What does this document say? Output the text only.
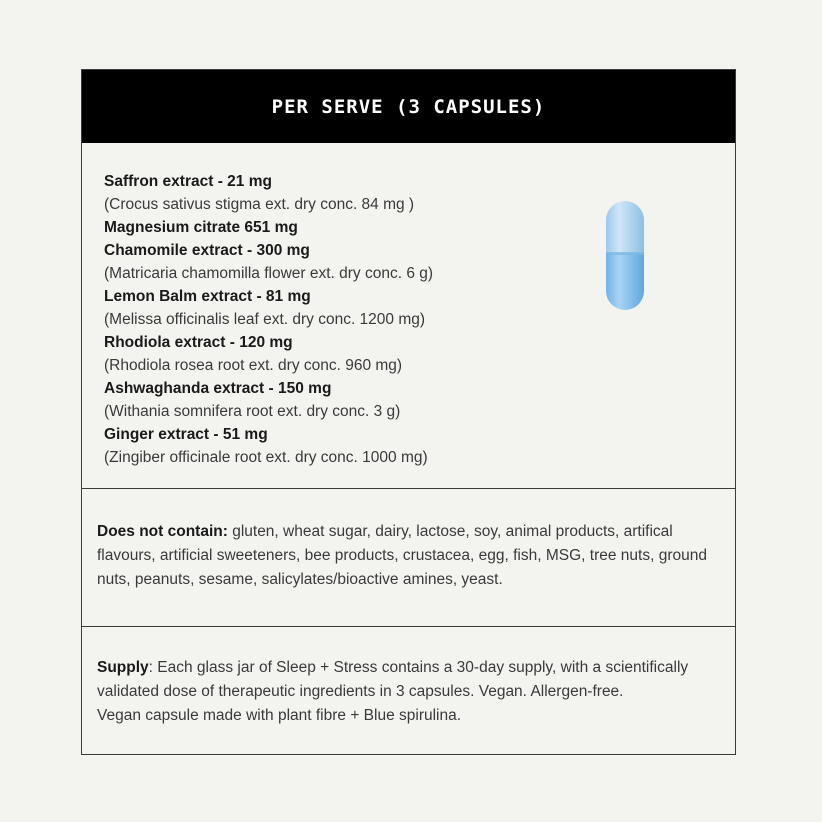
PER SERVE (3 CAPSULES)
Saffron extract - 21 mg
(Crocus sativus stigma ext. dry conc. 84 mg )
Magnesium citrate 651 mg
Chamomile extract - 300 mg
(Matricaria chamomilla flower ext. dry conc. 6 g)
Lemon Balm extract - 81 mg
(Melissa officinalis leaf ext. dry conc. 1200 mg)
Rhodiola extract - 120 mg
(Rhodiola rosea root ext. dry conc. 960 mg)
Ashwaghanda extract - 150 mg
(Withania somnifera root ext. dry conc. 3 g)
Ginger extract - 51 mg
(Zingiber officinale root ext. dry conc. 1000 mg)
Does not contain: gluten, wheat sugar, dairy, lactose, soy, animal products, artifical flavours, artificial sweeteners, bee products, crustacea, egg, fish, MSG, tree nuts, ground nuts, peanuts, sesame, salicylates/bioactive amines, yeast.
Supply: Each glass jar of Sleep + Stress contains a 30-day supply, with a scientifically validated dose of therapeutic ingredients in 3 capsules. Vegan. Allergen-free.
Vegan capsule made with plant fibre + Blue spirulina.
